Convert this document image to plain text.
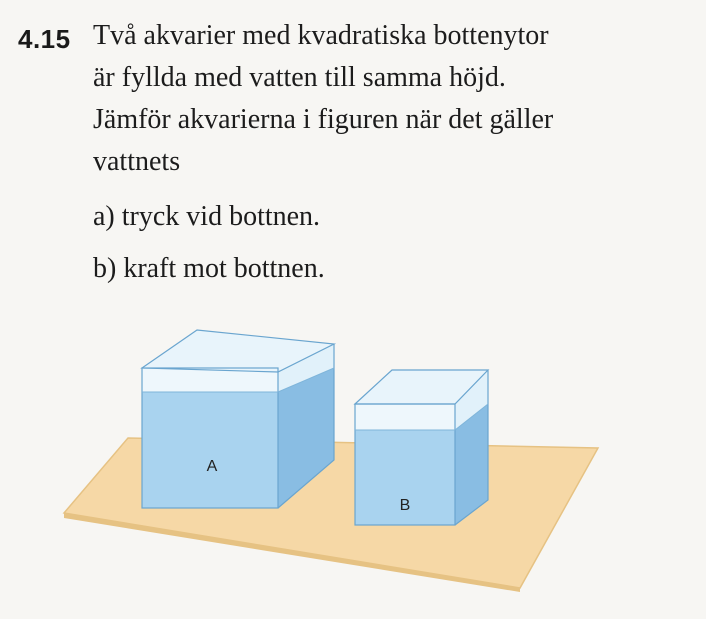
4.15 Två akvarier med kvadratiska bottenytor
är fyllda med vatten till samma höjd.
Jämför akvarierna i figuren när det gäller
vattnets
a) tryck vid bottnen.
b) kraft mot bottnen.
A
B
